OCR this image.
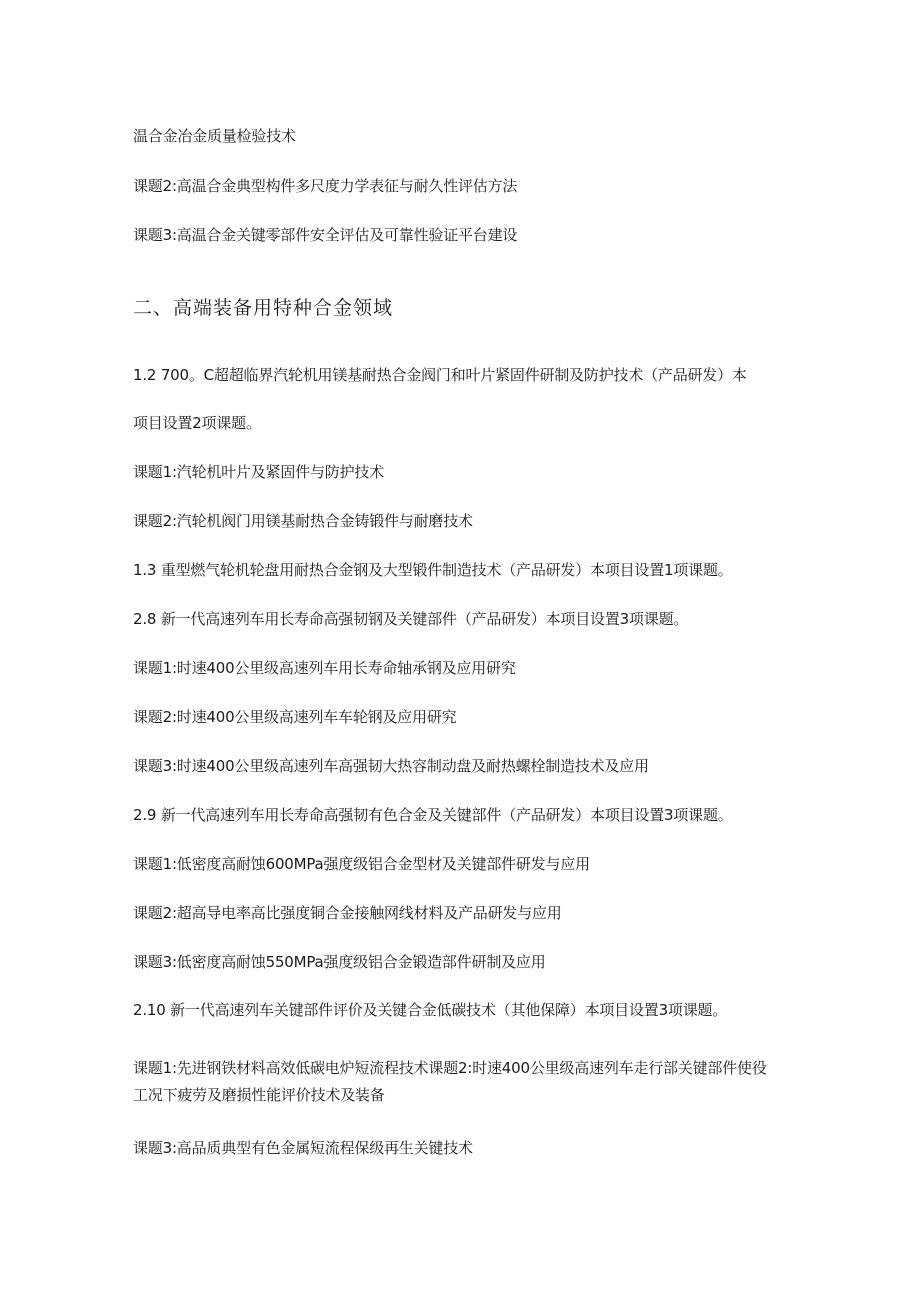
温合金冶金质量检验技术

课题2:高温合金典型构件多尺度力学表征与耐久性评估方法

课题3:高温合金关键零部件安全评估及可靠性验证平台建设

二、高端装备用特种合金领域

1.2 700。C超超临界汽轮机用镁基耐热合金阀门和叶片紧固件研制及防护技术（产品研发）本

项目设置2项课题。

课题1:汽轮机叶片及紧固件与防护技术

课题2:汽轮机阀门用镁基耐热合金铸锻件与耐磨技术

1.3 重型燃气轮机轮盘用耐热合金钢及大型锻件制造技术（产品研发）本项目设置1项课题。

2.8 新一代高速列车用长寿命高强韧钢及关键部件（产品研发）本项目设置3项课题。

课题1:时速400公里级高速列车用长寿命轴承钢及应用研究

课题2:时速400公里级高速列车车轮钢及应用研究

课题3:时速400公里级高速列车高强韧大热容制动盘及耐热螺栓制造技术及应用

2.9 新一代高速列车用长寿命高强韧有色合金及关键部件（产品研发）本项目设置3项课题。

课题1:低密度高耐蚀600MPa强度级铝合金型材及关键部件研发与应用

课题2:超高导电率高比强度铜合金接触网线材料及产品研发与应用

课题3:低密度高耐蚀550MPa强度级铝合金锻造部件研制及应用

2.10 新一代高速列车关键部件评价及关键合金低碳技术（其他保障）本项目设置3项课题。

课题1:先进钢铁材料高效低碳电炉短流程技术课题2:时速400公里级高速列车走行部关键部件使役

工况下疲劳及磨损性能评价技术及装备

课题3:高品质典型有色金属短流程保级再生关键技术
